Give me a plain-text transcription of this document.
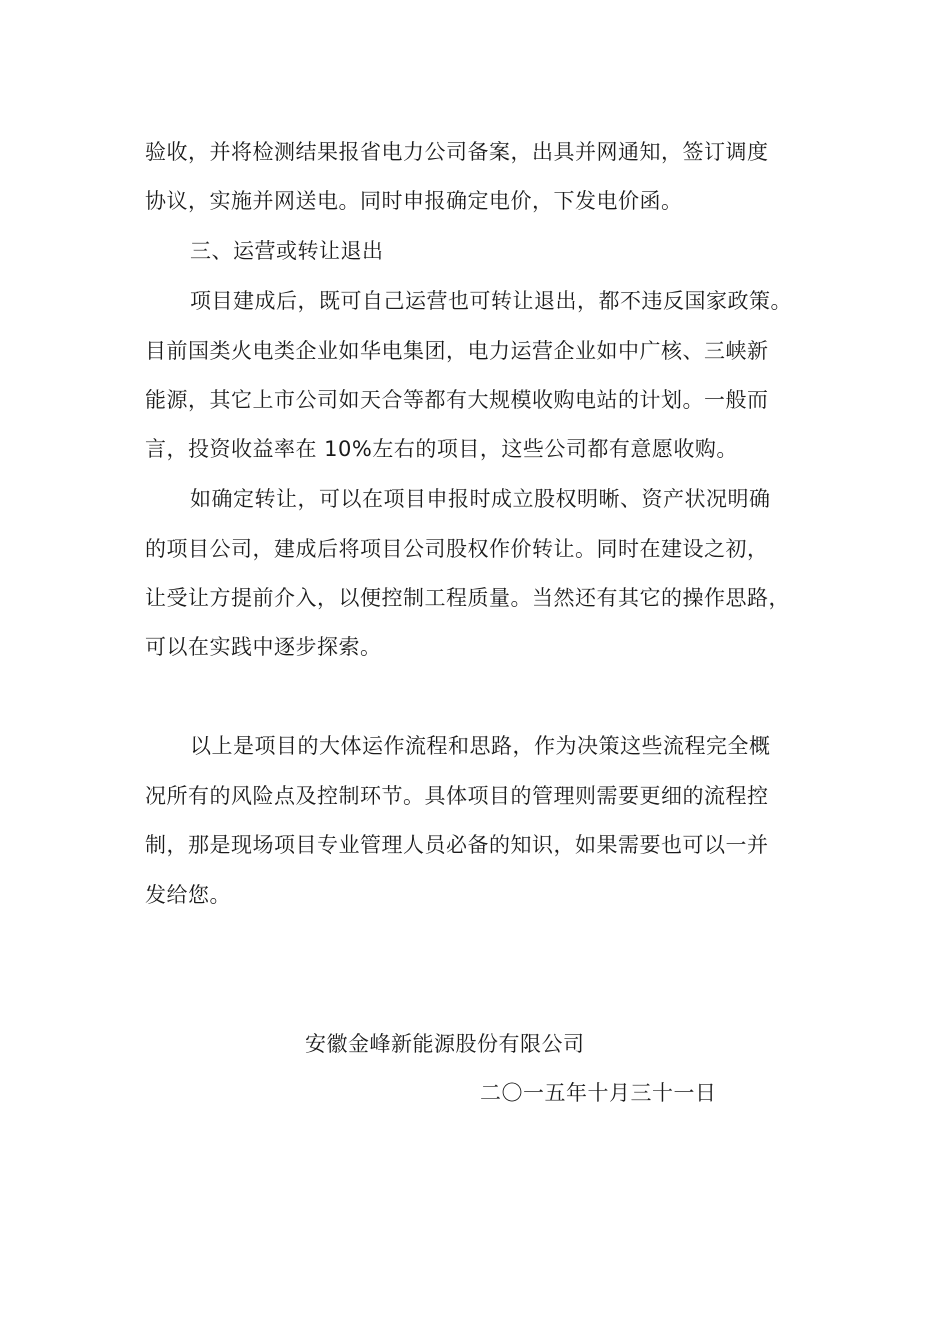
验收，并将检测结果报省电力公司备案，出具并网通知，签订调度
协议，实施并网送电。同时申报确定电价，下发电价函。
三、运营或转让退出
项目建成后，既可自己运营也可转让退出，都不违反国家政策。
目前国类火电类企业如华电集团，电力运营企业如中广核、三峡新
能源，其它上市公司如天合等都有大规模收购电站的计划。一般而
言，投资收益率在 10%左右的项目，这些公司都有意愿收购。
如确定转让，可以在项目申报时成立股权明晰、资产状况明确
的项目公司，建成后将项目公司股权作价转让。同时在建设之初，
让受让方提前介入，以便控制工程质量。当然还有其它的操作思路，
可以在实践中逐步探索。
以上是项目的大体运作流程和思路，作为决策这些流程完全概
况所有的风险点及控制环节。具体项目的管理则需要更细的流程控
制，那是现场项目专业管理人员必备的知识，如果需要也可以一并
发给您。
安徽金峰新能源股份有限公司
二〇一五年十月三十一日
